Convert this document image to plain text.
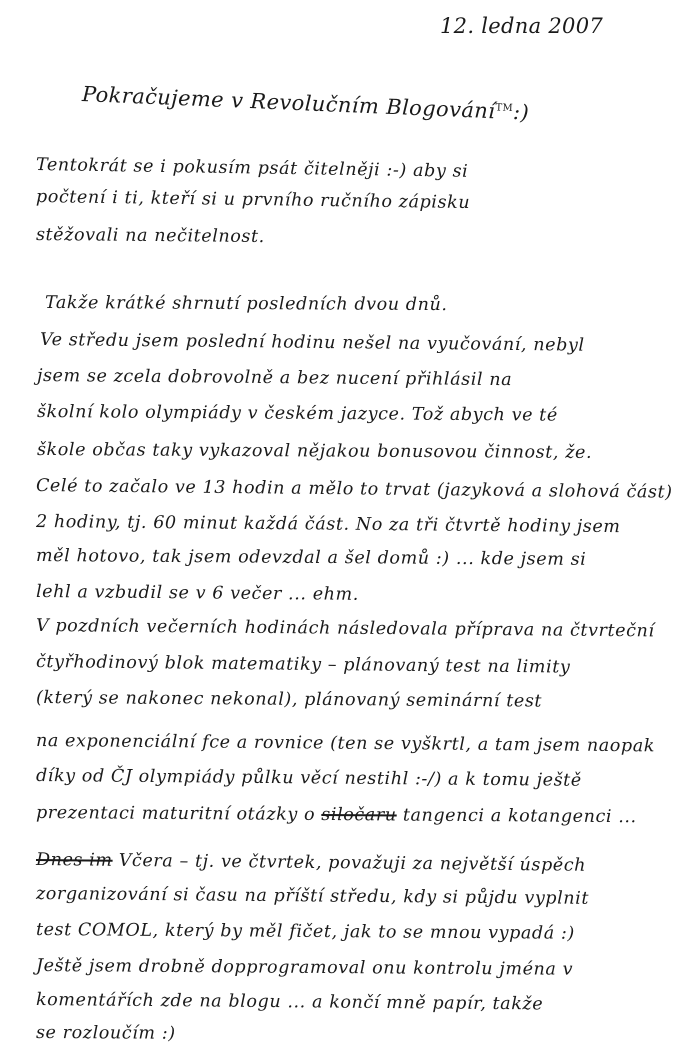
12. ledna 2007
Pokračujeme v Revolučním Blogování™:)
Tentokrát se i pokusím psát čitelněji :-) aby si
počtení i ti, kteří si u prvního ručního zápisku
stěžovali na nečitelnost.
Takže krátké shrnutí posledních dvou dnů.
Ve středu jsem poslední hodinu nešel na vyučování, nebyl
jsem se zcela dobrovolně a bez nucení přihlásil na
školní kolo olympiády v českém jazyce. Tož abych ve té
škole občas taky vykazoval nějakou bonusovou činnost, že.
Celé to začalo ve 13 hodin a mělo to trvat (jazyková a slohová část)
2 hodiny, tj. 60 minut každá část. No za tři čtvrtě hodiny jsem
měl hotovo, tak jsem odevzdal a šel domů :) ... kde jsem si
lehl a vzbudil se v 6 večer ... ehm.
V pozdních večerních hodinách následovala příprava na čtvrteční
čtyřhodinový blok matematiky – plánovaný test na limity
(který se nakonec nekonal), plánovaný seminární test
na exponenciální fce a rovnice (ten se vyškrtl, a tam jsem naopak
díky od ČJ olympiády půlku věcí nestihl :-/) a k tomu ještě
prezentaci maturitní otázky o siločaru tangenci a kotangenci ...
Dnes im Včera – tj. ve čtvrtek, považuji za největší úspěch
zorganizování si času na příští středu, kdy si půjdu vyplnit
test COMOL, který by měl fičet, jak to se mnou vypadá :)
Ještě jsem drobně dopprogramoval onu kontrolu jména v
komentářích zde na blogu ... a končí mně papír, takže
se rozloučím :)
